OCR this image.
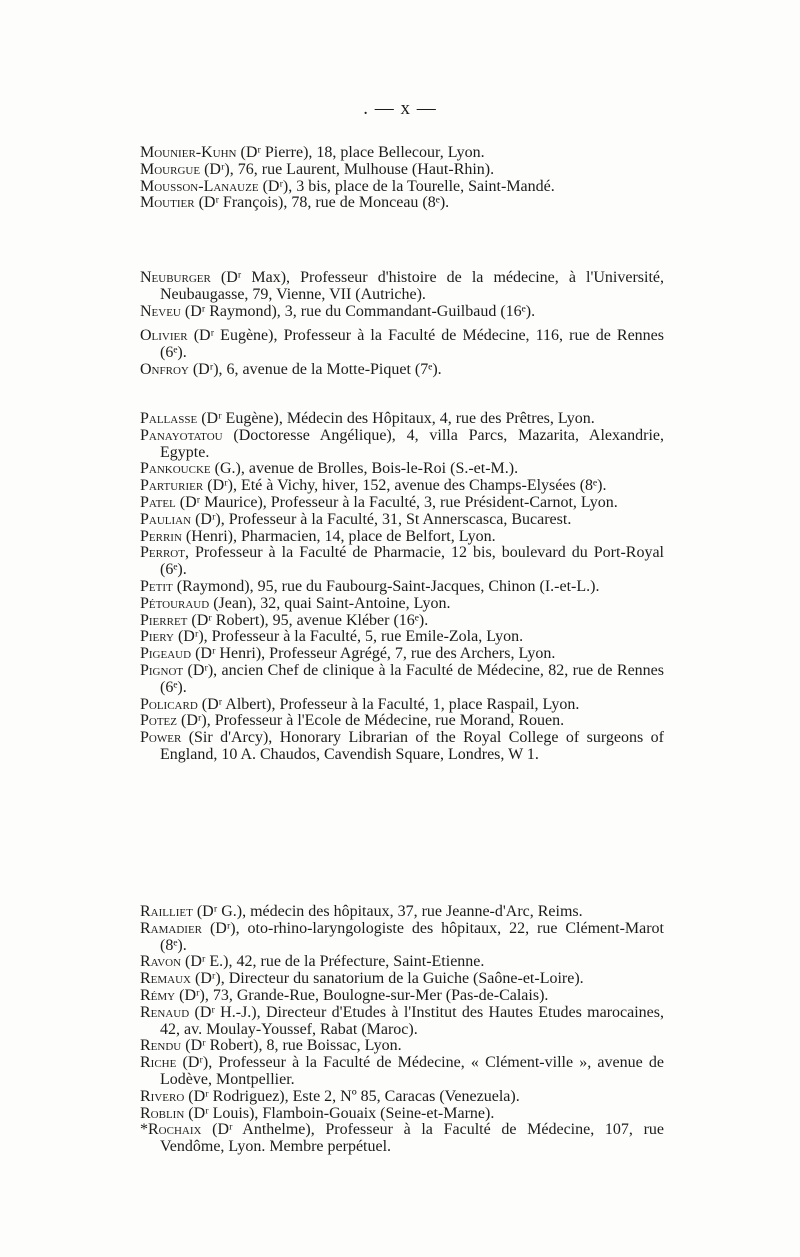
. — x —

Mounier-Kuhn (Dʳ Pierre), 18, place Bellecour, Lyon.

Mourgue (Dʳ), 76, rue Laurent, Mulhouse (Haut-Rhin).

Mousson-Lanauze (Dʳ), 3 bis, place de la Tourelle, Saint-Mandé.

Moutier (Dʳ François), 78, rue de Monceau (8ᵉ).

Neuburger (Dʳ Max), Professeur d'histoire de la médecine, à l'Université, Neubaugasse, 79, Vienne, VII (Autriche).

Neveu (Dʳ Raymond), 3, rue du Commandant-Guilbaud (16ᵉ).

Olivier (Dʳ Eugène), Professeur à la Faculté de Médecine, 116, rue de Rennes (6ᵉ).

Onfroy (Dʳ), 6, avenue de la Motte-Piquet (7ᵉ).

Pallasse (Dʳ Eugène), Médecin des Hôpitaux, 4, rue des Prêtres, Lyon.

Panayotatou (Doctoresse Angélique), 4, villa Parcs, Mazarita, Alexandrie, Egypte.

Pankoucke (G.), avenue de Brolles, Bois-le-Roi (S.-et-M.).

Parturier (Dʳ), Eté à Vichy, hiver, 152, avenue des Champs-Elysées (8ᵉ).

Patel (Dʳ Maurice), Professeur à la Faculté, 3, rue Président-Carnot, Lyon.

Paulian (Dʳ), Professeur à la Faculté, 31, St Annerscasca, Bucarest.

Perrin (Henri), Pharmacien, 14, place de Belfort, Lyon.

Perrot, Professeur à la Faculté de Pharmacie, 12 bis, boulevard du Port-Royal (6ᵉ).

Petit (Raymond), 95, rue du Faubourg-Saint-Jacques, Chinon (I.-et-L.).

Pétouraud (Jean), 32, quai Saint-Antoine, Lyon.

Pierret (Dʳ Robert), 95, avenue Kléber (16ᵉ).

Piery (Dʳ), Professeur à la Faculté, 5, rue Emile-Zola, Lyon.

Pigeaud (Dʳ Henri), Professeur Agrégé, 7, rue des Archers, Lyon.

Pignot (Dʳ), ancien Chef de clinique à la Faculté de Médecine, 82, rue de Rennes (6ᵉ).

Policard (Dʳ Albert), Professeur à la Faculté, 1, place Raspail, Lyon.

Potez (Dʳ), Professeur à l'Ecole de Médecine, rue Morand, Rouen.

Power (Sir d'Arcy), Honorary Librarian of the Royal College of surgeons of England, 10 A. Chaudos, Cavendish Square, Londres, W 1.

Railliet (Dʳ G.), médecin des hôpitaux, 37, rue Jeanne-d'Arc, Reims.

Ramadier (Dʳ), oto-rhino-laryngologiste des hôpitaux, 22, rue Clément-Marot (8ᵉ).

Ravon (Dʳ E.), 42, rue de la Préfecture, Saint-Etienne.

Remaux (Dʳ), Directeur du sanatorium de la Guiche (Saône-et-Loire).

Rémy (Dʳ), 73, Grande-Rue, Boulogne-sur-Mer (Pas-de-Calais).

Renaud (Dʳ H.-J.), Directeur d'Etudes à l'Institut des Hautes Etudes marocaines, 42, av. Moulay-Youssef, Rabat (Maroc).

Rendu (Dʳ Robert), 8, rue Boissac, Lyon.

Riche (Dʳ), Professeur à la Faculté de Médecine, « Clément-ville », avenue de Lodève, Montpellier.

Rivero (Dʳ Rodriguez), Este 2, Nº 85, Caracas (Venezuela).

Roblin (Dʳ Louis), Flamboin-Gouaix (Seine-et-Marne).

*Rochaix (Dʳ Anthelme), Professeur à la Faculté de Médecine, 107, rue Vendôme, Lyon. Membre perpétuel.
